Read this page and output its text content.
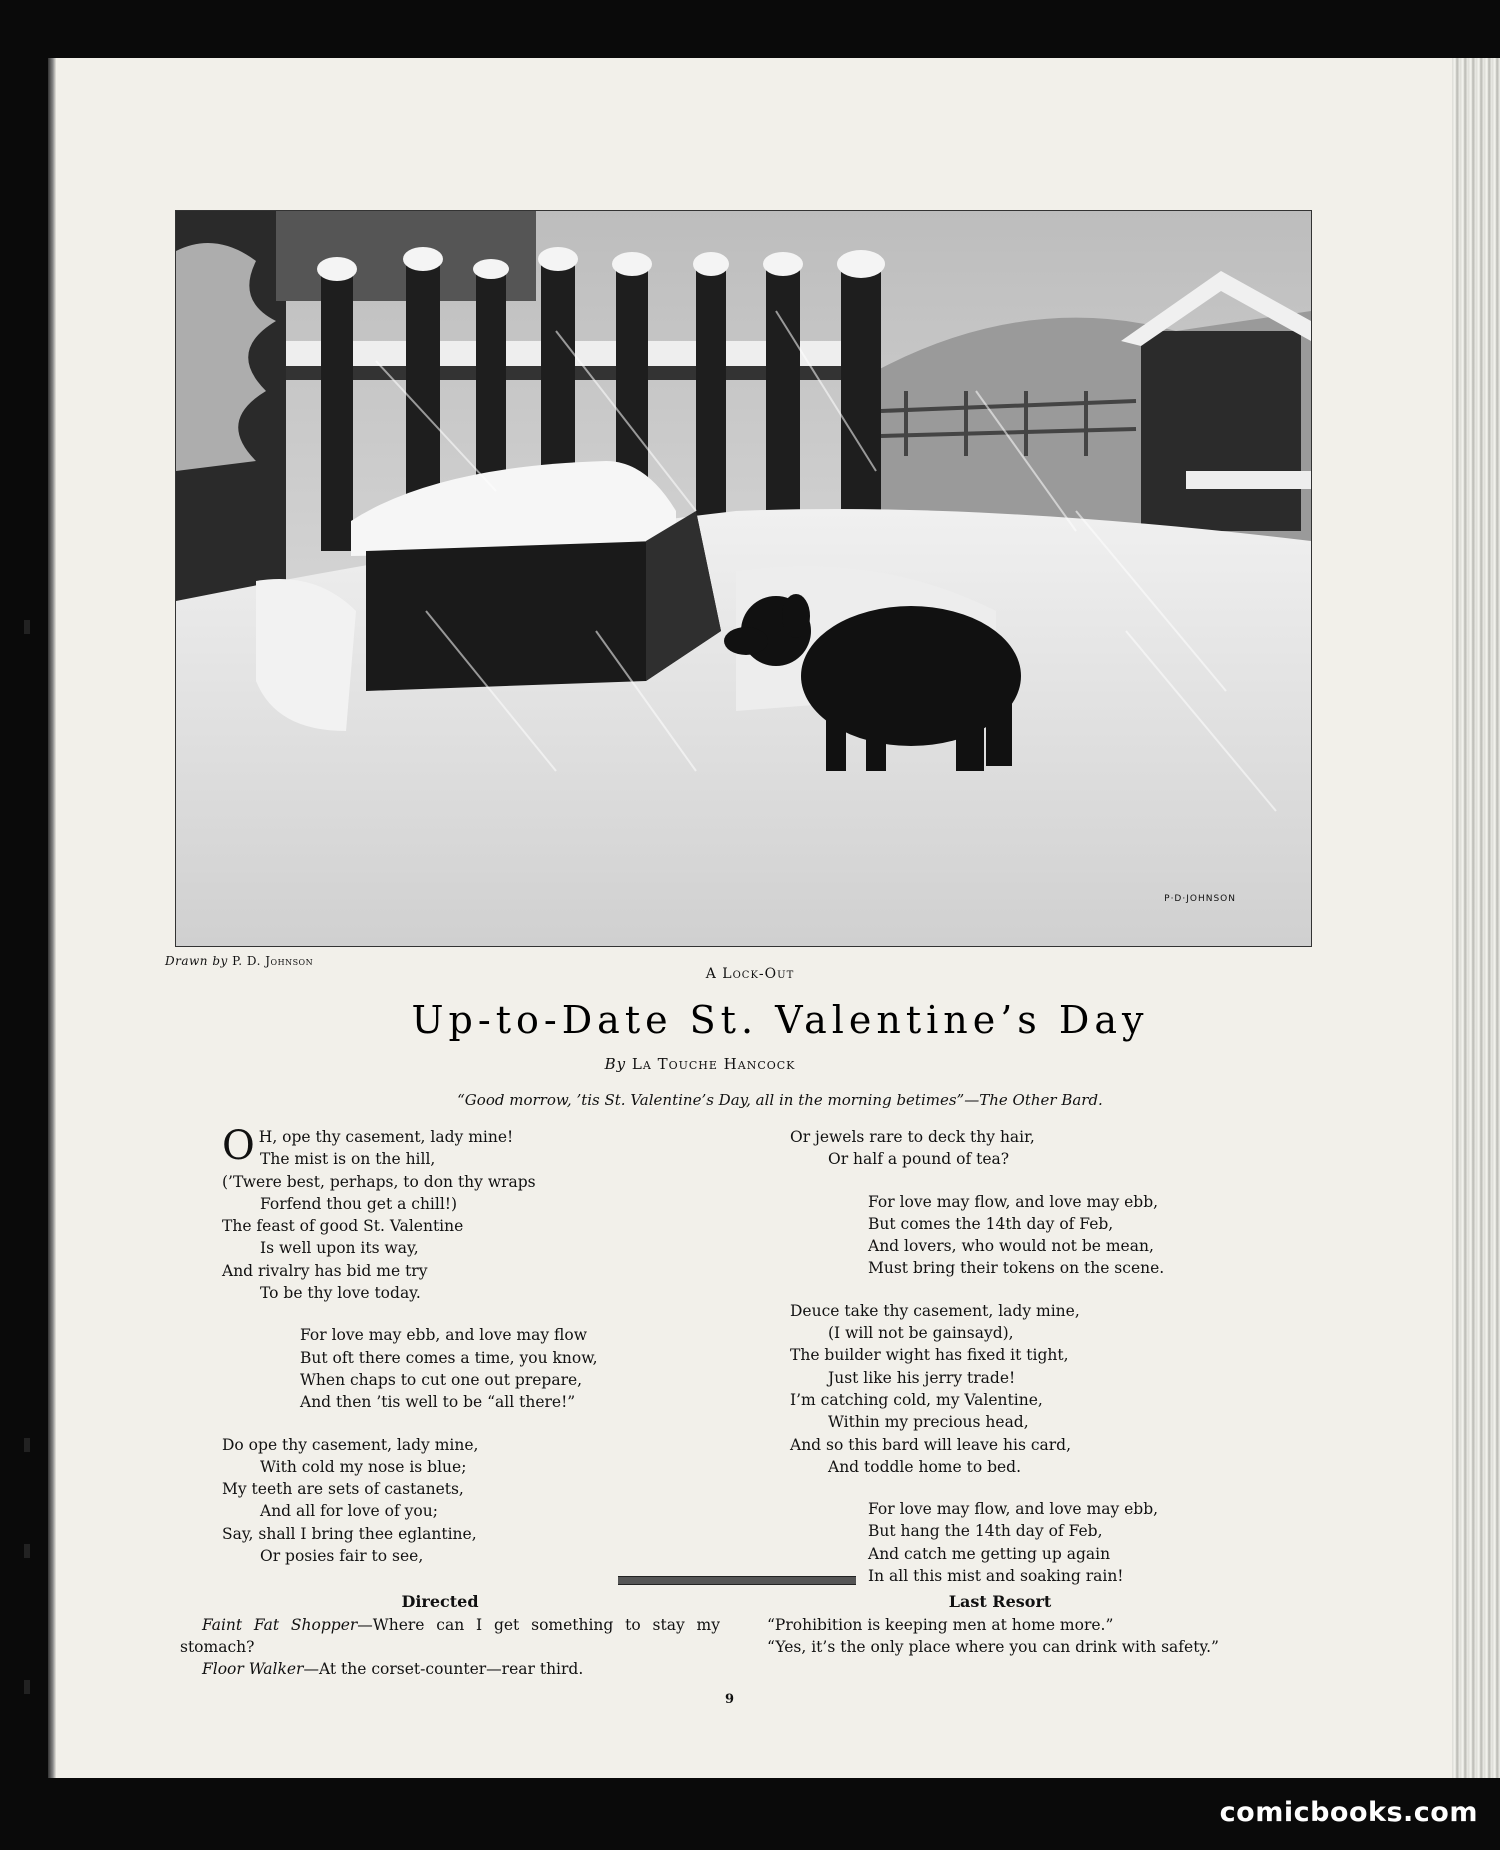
P·D·JOHNSON
Drawn by P. D. Johnson
A Lock-Out
Up-to-Date St. Valentine’s Day
By La Touche Hancock
“Good morrow, ’tis St. Valentine’s Day, all in the morning betimes”—The Other Bard.
O H, ope thy casement, lady mine!
The mist is on the hill,
(’Twere best, perhaps, to don thy wraps
Forfend thou get a chill!)
The feast of good St. Valentine
Is well upon its way,
And rivalry has bid me try
To be thy love today.
For love may ebb, and love may flow
But oft there comes a time, you know,
When chaps to cut one out prepare,
And then ’tis well to be “all there!”
Do ope thy casement, lady mine,
With cold my nose is blue;
My teeth are sets of castanets,
And all for love of you;
Say, shall I bring thee eglantine,
Or posies fair to see,
Or jewels rare to deck thy hair,
Or half a pound of tea?
For love may flow, and love may ebb,
But comes the 14th day of Feb,
And lovers, who would not be mean,
Must bring their tokens on the scene.
Deuce take thy casement, lady mine,
(I will not be gainsayd),
The builder wight has fixed it tight,
Just like his jerry trade!
I’m catching cold, my Valentine,
Within my precious head,
And so this bard will leave his card,
And toddle home to bed.
For love may flow, and love may ebb,
But hang the 14th day of Feb,
And catch me getting up again
In all this mist and soaking rain!
Directed
Faint Fat Shopper—Where can I get something to stay my stomach?
Floor Walker—At the corset-counter—rear third.
Last Resort
“Prohibition is keeping men at home more.”
“Yes, it’s the only place where you can drink with safety.”
9
comicbooks.com
